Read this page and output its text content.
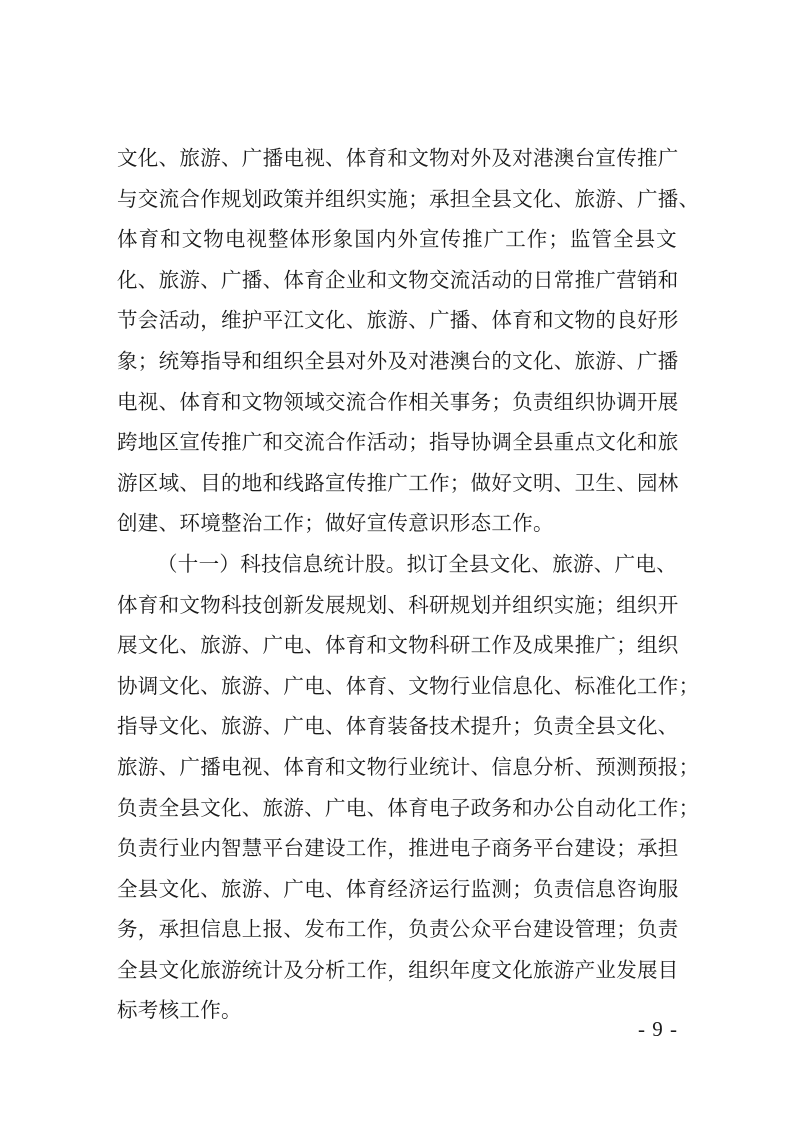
文化、旅游、广播电视、体育和文物对外及对港澳台宣传推广
与交流合作规划政策并组织实施；承担全县文化、旅游、广播、
体育和文物电视整体形象国内外宣传推广工作；监管全县文
化、旅游、广播、体育企业和文物交流活动的日常推广营销和
节会活动，维护平江文化、旅游、广播、体育和文物的良好形
象；统筹指导和组织全县对外及对港澳台的文化、旅游、广播
电视、体育和文物领域交流合作相关事务；负责组织协调开展
跨地区宣传推广和交流合作活动；指导协调全县重点文化和旅
游区域、目的地和线路宣传推广工作；做好文明、卫生、园林
创建、环境整治工作；做好宣传意识形态工作。
（十一）科技信息统计股。拟订全县文化、旅游、广电、
体育和文物科技创新发展规划、科研规划并组织实施；组织开
展文化、旅游、广电、体育和文物科研工作及成果推广；组织
协调文化、旅游、广电、体育、文物行业信息化、标准化工作；
指导文化、旅游、广电、体育装备技术提升；负责全县文化、
旅游、广播电视、体育和文物行业统计、信息分析、预测预报；
负责全县文化、旅游、广电、体育电子政务和办公自动化工作；
负责行业内智慧平台建设工作，推进电子商务平台建设；承担
全县文化、旅游、广电、体育经济运行监测；负责信息咨询服
务，承担信息上报、发布工作，负责公众平台建设管理；负责
全县文化旅游统计及分析工作，组织年度文化旅游产业发展目
标考核工作。
- 9 -
